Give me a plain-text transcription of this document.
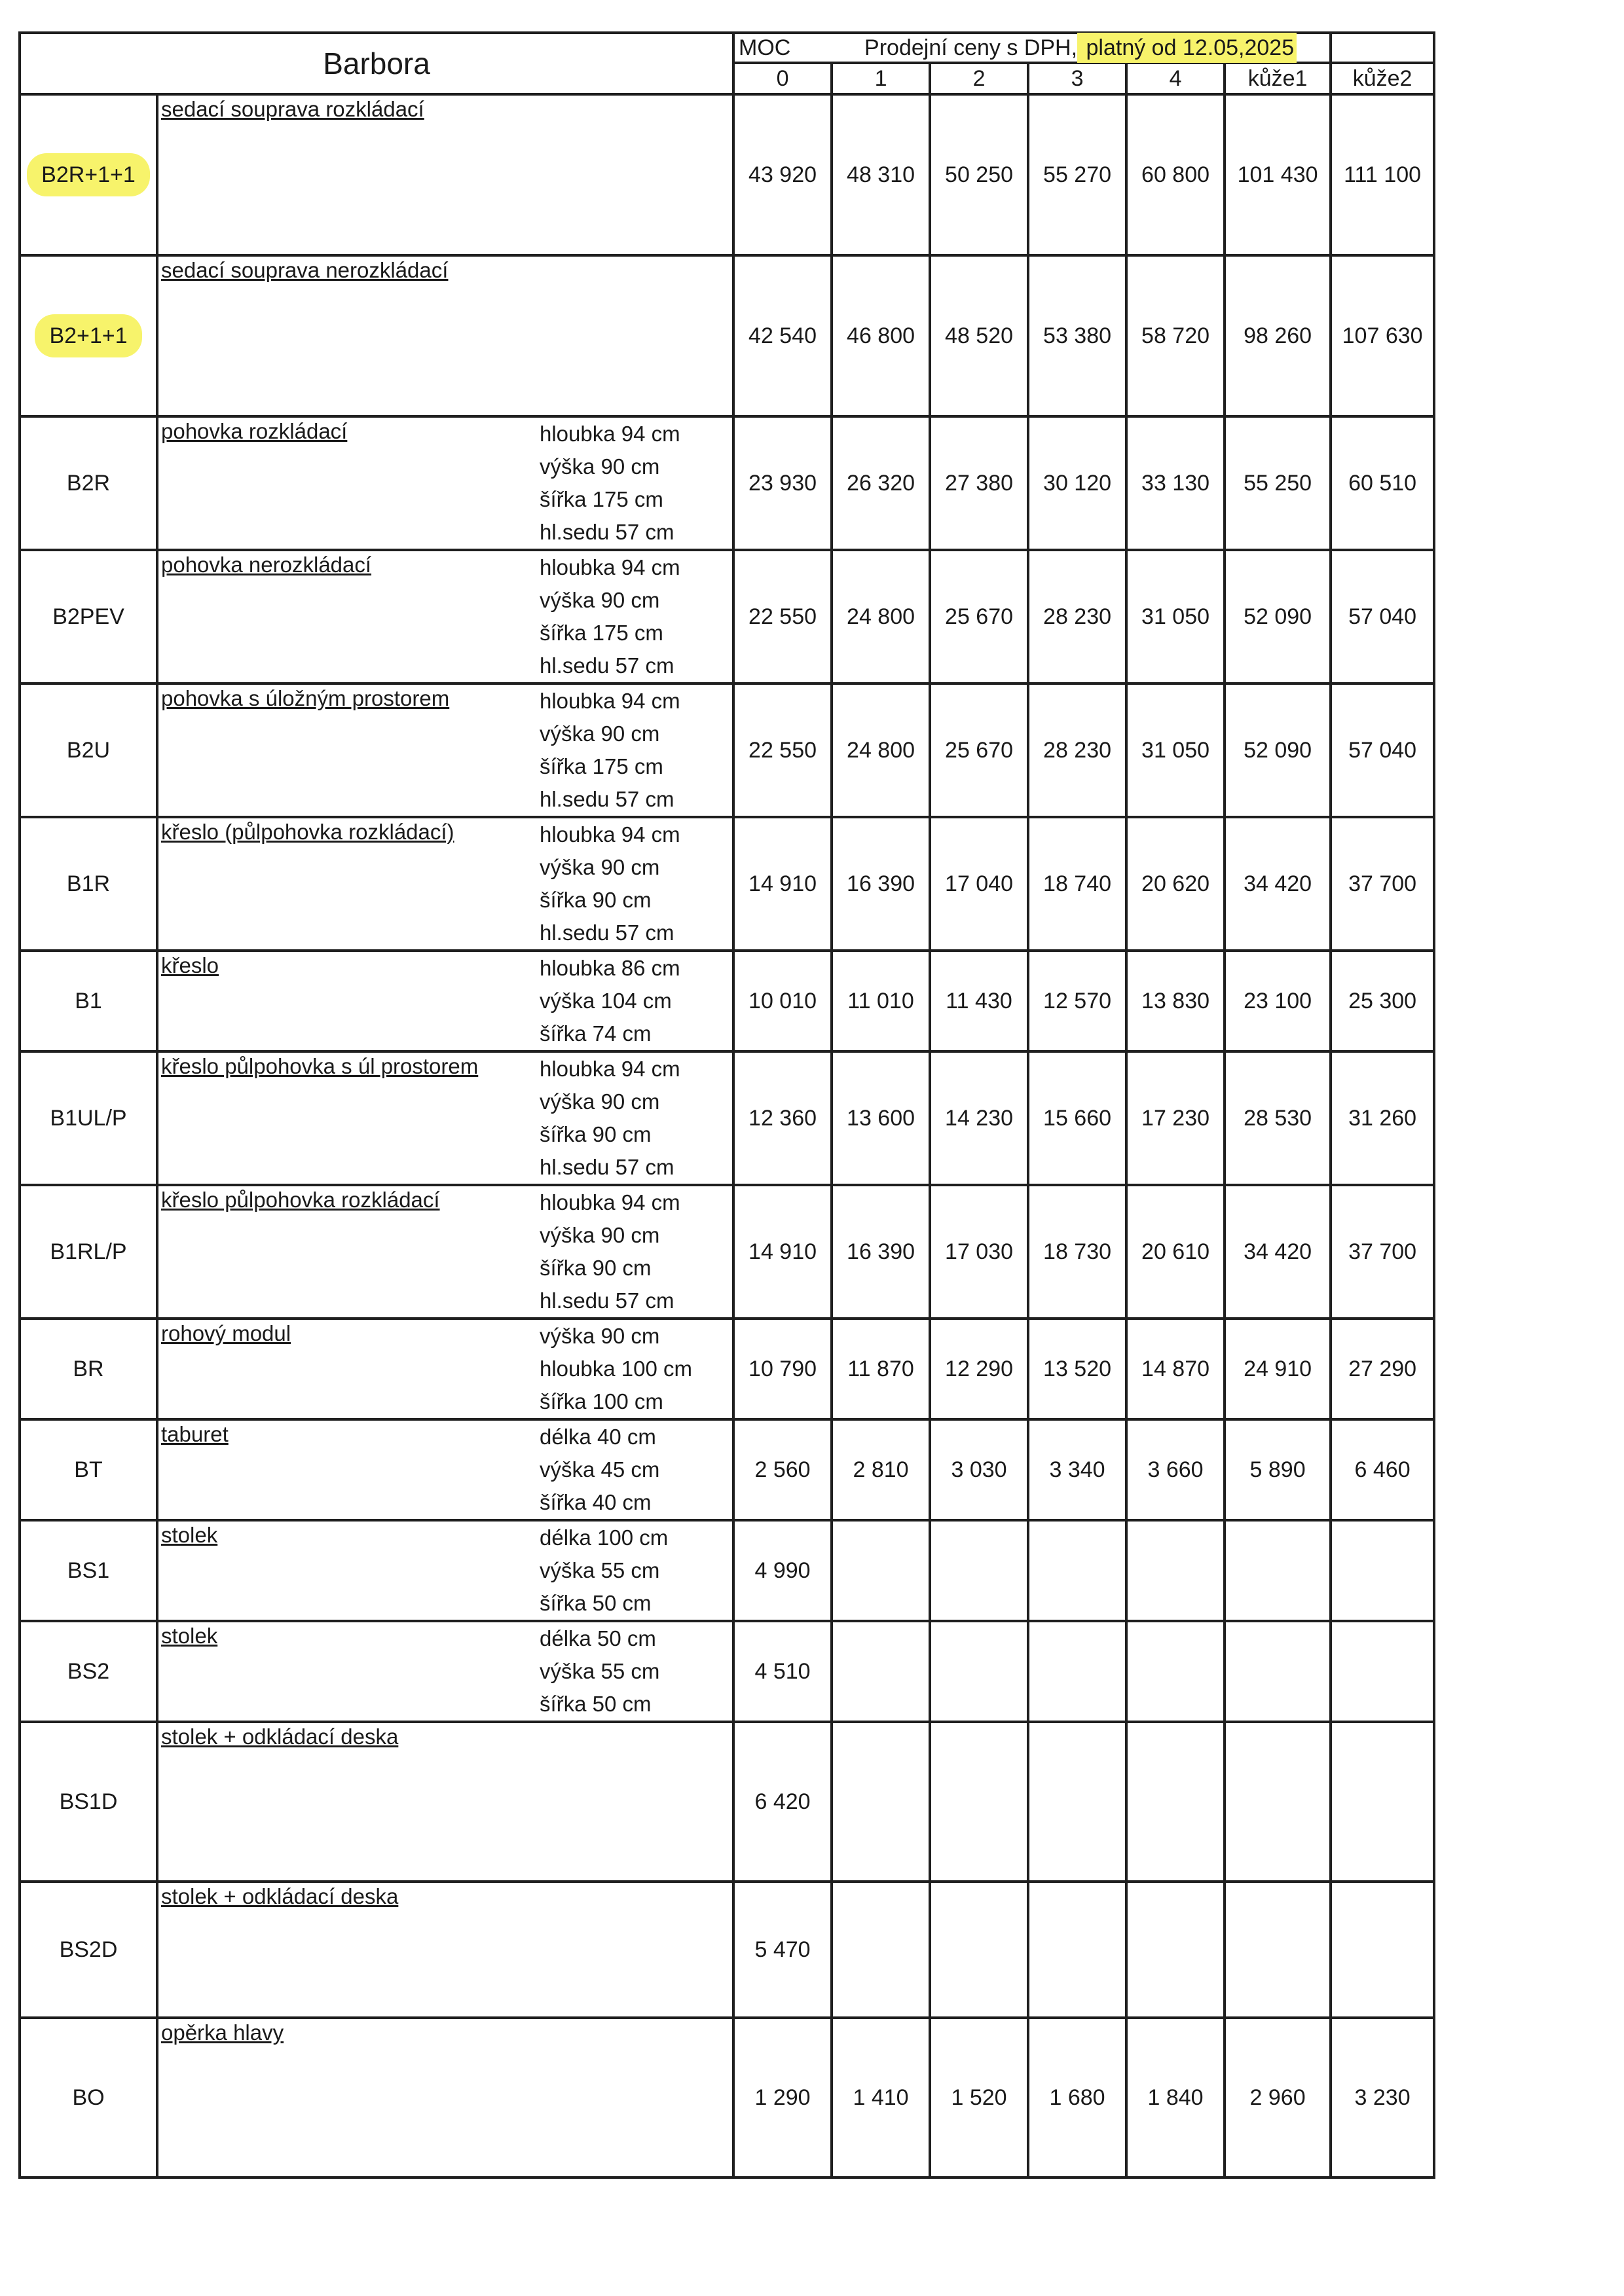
Barbora			MOC	Prodejní ceny s DPH, platný od 12.05,2025					
			0	1	2	3	4	kůže1	kůže2
B2R+1+1	sedací souprava rozkládací		43 920	48 310	50 250	55 270	60 800	101 430	111 100
B2+1+1	sedací souprava nerozkládací		42 540	46 800	48 520	53 380	58 720	98 260	107 630
B2R	pohovka rozkládací	hloubka 94 cm
výška 90 cm
šířka 175 cm
hl.sedu 57 cm	23 930	26 320	27 380	30 120	33 130	55 250	60 510
B2PEV	pohovka nerozkládací	hloubka 94 cm
výška 90 cm
šířka 175 cm
hl.sedu 57 cm	22 550	24 800	25 670	28 230	31 050	52 090	57 040
B2U	pohovka s úložným prostorem	hloubka 94 cm
výška 90 cm
šířka 175 cm
hl.sedu 57 cm	22 550	24 800	25 670	28 230	31 050	52 090	57 040
B1R	křeslo (půlpohovka rozkládací)	hloubka 94 cm
výška 90 cm
šířka 90 cm
hl.sedu 57 cm	14 910	16 390	17 040	18 740	20 620	34 420	37 700
B1	křeslo	hloubka 86 cm
výška 104 cm
šířka 74 cm	10 010	11 010	11 430	12 570	13 830	23 100	25 300
B1UL/P	křeslo půlpohovka s úl prostorem	hloubka 94 cm
výška 90 cm
šířka 90 cm
hl.sedu 57 cm	12 360	13 600	14 230	15 660	17 230	28 530	31 260
B1RL/P	křeslo půlpohovka rozkládací	hloubka 94 cm
výška 90 cm
šířka 90 cm
hl.sedu 57 cm	14 910	16 390	17 030	18 730	20 610	34 420	37 700
BR	rohový modul	výška 90 cm
hloubka 100 cm
šířka 100 cm	10 790	11 870	12 290	13 520	14 870	24 910	27 290
BT	taburet	délka 40 cm
výška 45 cm
šířka 40 cm	2 560	2 810	3 030	3 340	3 660	5 890	6 460
BS1	stolek	délka 100 cm
výška 55 cm
šířka 50 cm	4 990						
BS2	stolek	délka 50 cm
výška 55 cm
šířka 50 cm	4 510						
BS1D	stolek + odkládací deska		6 420						
BS2D	stolek + odkládací deska		5 470						
BO	opěrka hlavy		1 290	1 410	1 520	1 680	1 840	2 960	3 230
